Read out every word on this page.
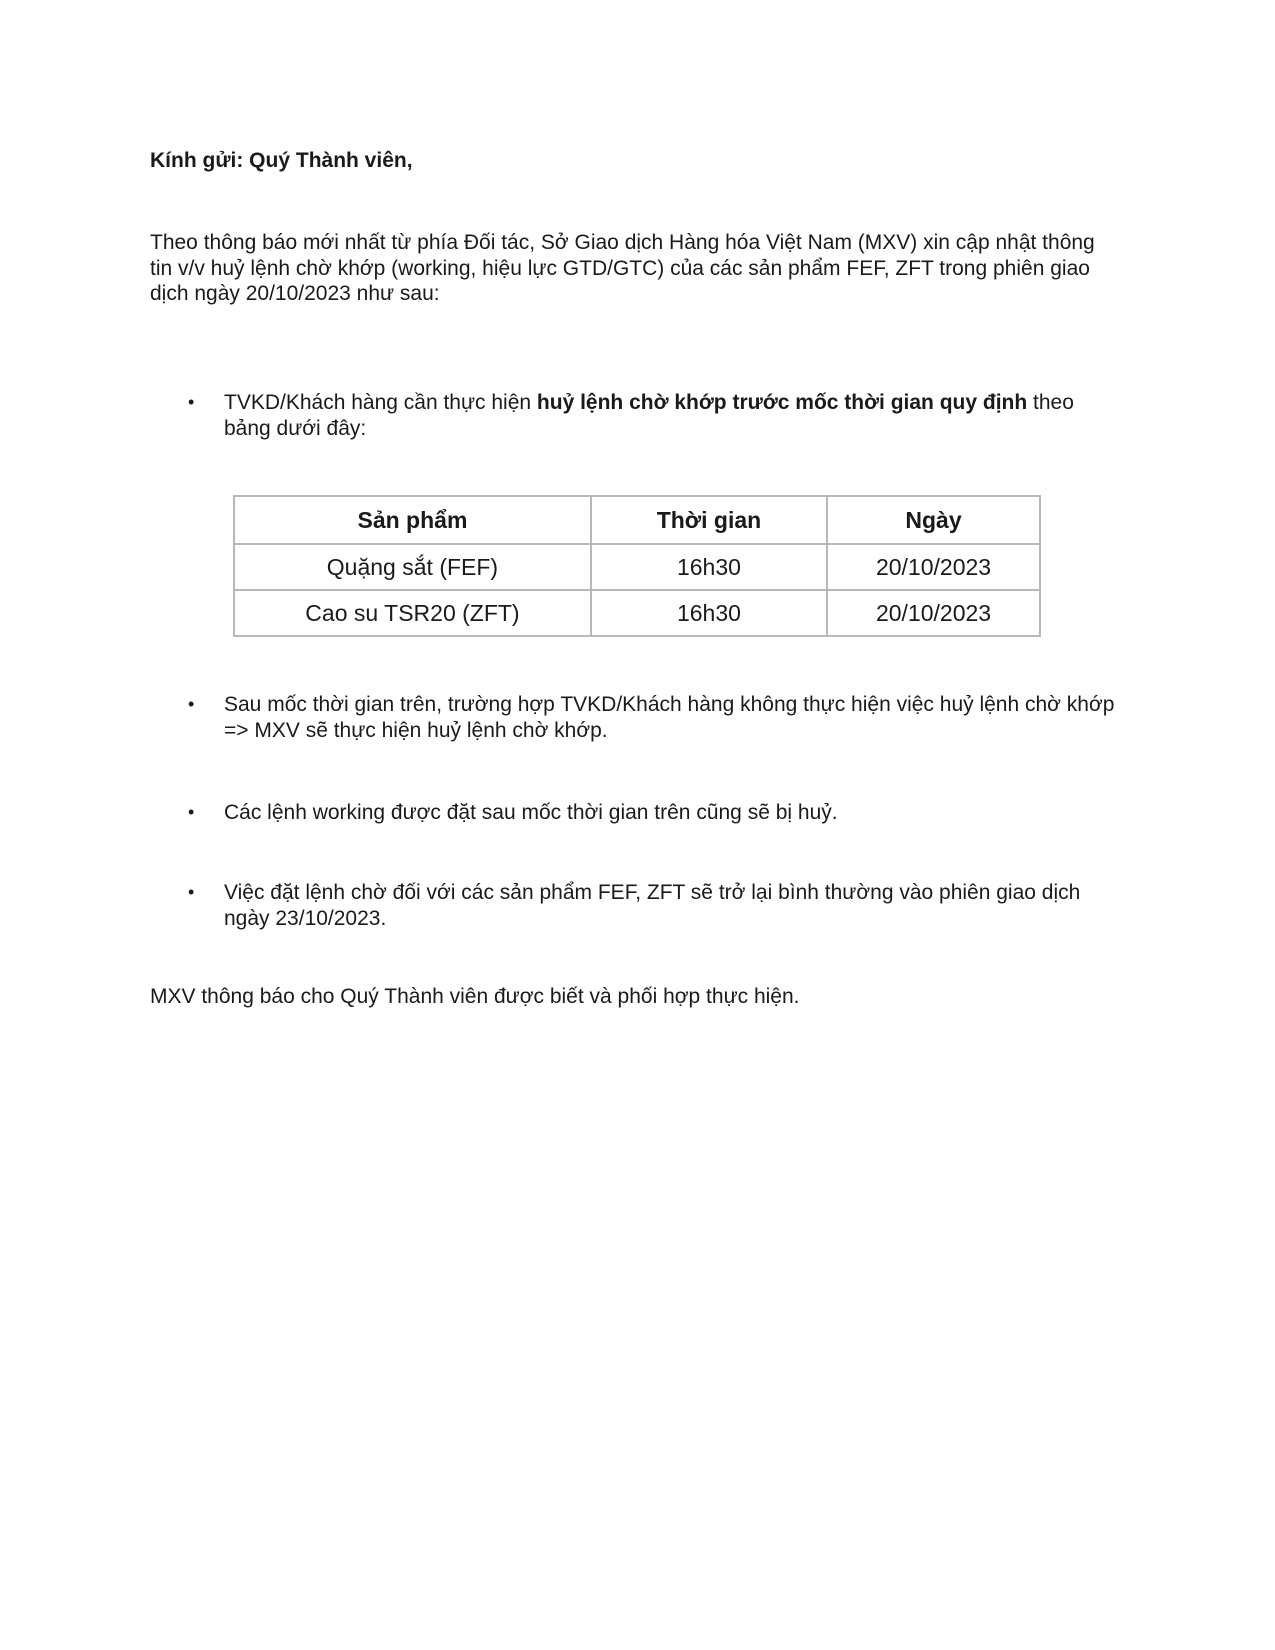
Kính gửi: Quý Thành viên,

Theo thông báo mới nhất từ phía Đối tác, Sở Giao dịch Hàng hóa Việt Nam (MXV) xin cập nhật thông tin v/v huỷ lệnh chờ khớp (working, hiệu lực GTD/GTC) của các sản phẩm FEF, ZFT trong phiên giao dịch ngày 20/10/2023 như sau:

•	TVKD/Khách hàng cần thực hiện huỷ lệnh chờ khớp trước mốc thời gian quy định theo bảng dưới đây:
Sản phẩm	Thời gian	Ngày
Quặng sắt (FEF)	16h30	20/10/2023
Cao su TSR20 (ZFT)	16h30	20/10/2023
•	Sau mốc thời gian trên, trường hợp TVKD/Khách hàng không thực hiện việc huỷ lệnh chờ khớp => MXV sẽ thực hiện huỷ lệnh chờ khớp.
•	Các lệnh working được đặt sau mốc thời gian trên cũng sẽ bị huỷ.
•	Việc đặt lệnh chờ đối với các sản phẩm FEF, ZFT sẽ trở lại bình thường vào phiên giao dịch ngày 23/10/2023.

MXV thông báo cho Quý Thành viên được biết và phối hợp thực hiện.
